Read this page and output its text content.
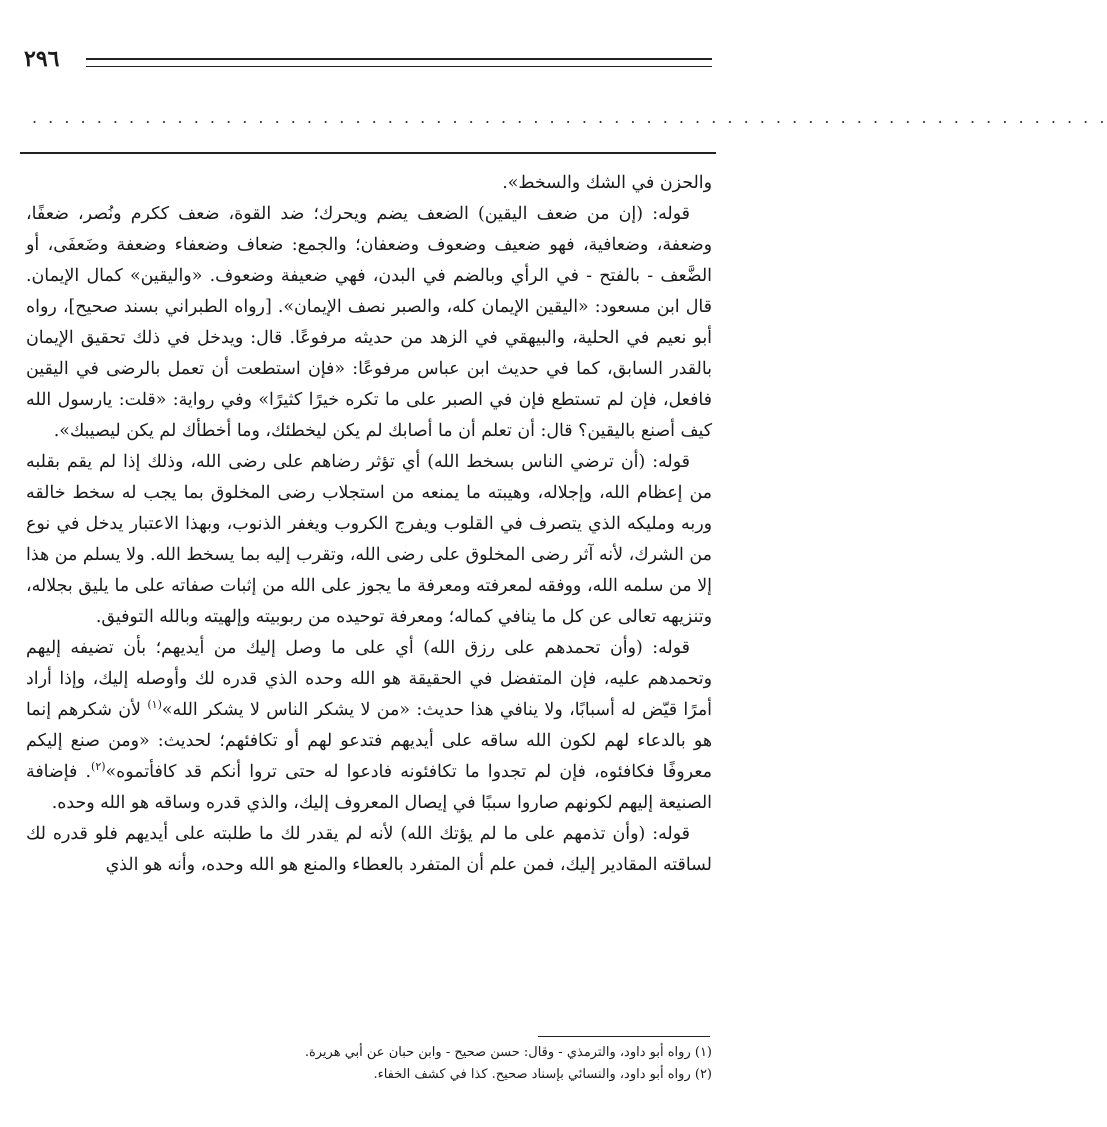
٢٩٦
. . . . . . . . . . . . . . . . . . . . . . . . . . . . . . . . . . . . . . . . . . . . . . . . . . . . . . . . . . . . . . . . . . .

والحزن في الشك والسخط».

قوله: (إن من ضعف اليقين) الضعف يضم ويحرك؛ ضد القوة، ضعف ككرم ونُصر، ضعفًا، وضعفة، وضعافية، فهو ضعيف وضعوف وضعفان؛ والجمع: ضعاف وضعفاء وضعفة وضَعفَى، أو الضَّعف - بالفتح - في الرأي وبالضم في البدن، فهي ضعيفة وضعوف. «واليقين» كمال الإيمان. قال ابن مسعود: «اليقين الإيمان كله، والصبر نصف الإيمان». [رواه الطبراني بسند صحيح]، رواه أبو نعيم في الحلية، والبيهقي في الزهد من حديثه مرفوعًا. قال: ويدخل في ذلك تحقيق الإيمان بالقدر السابق، كما في حديث ابن عباس مرفوعًا: «فإن استطعت أن تعمل بالرضى في اليقين فافعل، فإن لم تستطع فإن في الصبر على ما تكره خيرًا كثيرًا» وفي رواية: «قلت: يارسول الله كيف أصنع باليقين؟ قال: أن تعلم أن ما أصابك لم يكن ليخطئك، وما أخطأك لم يكن ليصيبك».

قوله: (أن ترضي الناس بسخط الله) أي تؤثر رضاهم على رضى الله، وذلك إذا لم يقم بقلبه من إعظام الله، وإجلاله، وهيبته ما يمنعه من استجلاب رضى المخلوق بما يجب له سخط خالقه وربه ومليكه الذي يتصرف في القلوب ويفرج الكروب ويغفر الذنوب، وبهذا الاعتبار يدخل في نوع من الشرك، لأنه آثر رضى المخلوق على رضى الله، وتقرب إليه بما يسخط الله. ولا يسلم من هذا إلا من سلمه الله، ووفقه لمعرفته ومعرفة ما يجوز على الله من إثبات صفاته على ما يليق بجلاله، وتنزيهه تعالى عن كل ما ينافي كماله؛ ومعرفة توحيده من ربوبيته وإلهيته وبالله التوفيق.

قوله: (وأن تحمدهم على رزق الله) أي على ما وصل إليك من أيديهم؛ بأن تضيفه إليهم وتحمدهم عليه، فإن المتفضل في الحقيقة هو الله وحده الذي قدره لك وأوصله إليك، وإذا أراد أمرًا قيّض له أسبابًا، ولا ينافي هذا حديث: «من لا يشكر الناس لا يشكر الله»$^{(١)}$ لأن شكرهم إنما هو بالدعاء لهم لكون الله ساقه على أيديهم فتدعو لهم أو تكافئهم؛ لحديث: «ومن صنع إليكم معروفًا فكافئوه، فإن لم تجدوا ما تكافئونه فادعوا له حتى تروا أنكم قد كافأتموه»$^{(٢)}$. فإضافة الصنيعة إليهم لكونهم صاروا سببًا في إيصال المعروف إليك، والذي قدره وساقه هو الله وحده.

قوله: (وأن تذمهم على ما لم يؤتك الله) لأنه لم يقدر لك ما طلبته على أيديهم فلو قدره لك لساقته المقادير إليك، فمن علم أن المتفرد بالعطاء والمنع هو الله وحده، وأنه هو الذي

(١) رواه أبو داود، والترمذي - وقال: حسن صحيح - وابن حبان عن أبي هريرة.

(٢) رواه أبو داود، والنسائي بإسناد صحيح. كذا في كشف الخفاء.
